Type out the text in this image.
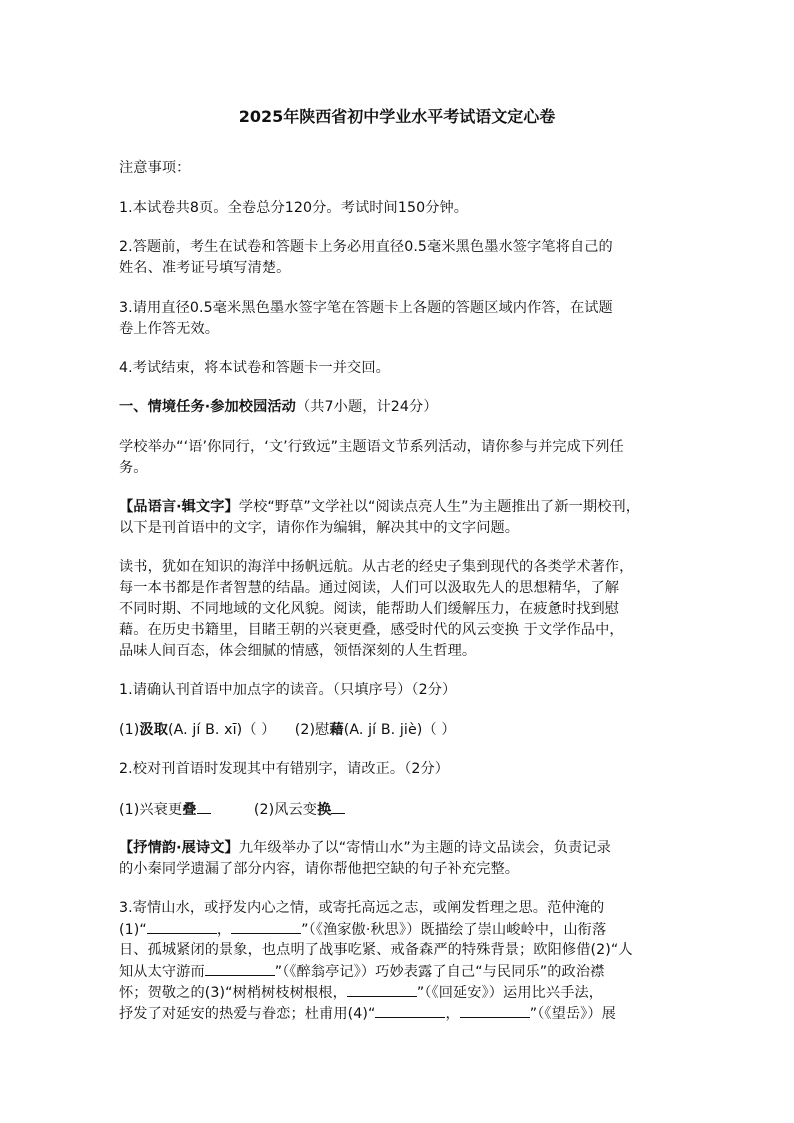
2025年陕西省初中学业水平考试语文定心卷
注意事项：
1.本试卷共8页。全卷总分120分。考试时间150分钟。
2.答题前，考生在试卷和答题卡上务必用直径0.5毫米黑色墨水签字笔将自己的
姓名、准考证号填写清楚。
3.请用直径0.5毫米黑色墨水签字笔在答题卡上各题的答题区域内作答，在试题
卷上作答无效。
4.考试结束，将本试卷和答题卡一并交回。
一、情境任务·参加校园活动（共7小题，计24分）
学校举办“‘语’你同行，‘文’行致远”主题语文节系列活动，请你参与并完成下列任
务。
【品语言·辑文字】学校“野草”文学社以“阅读点亮人生”为主题推出了新一期校刊，
以下是刊首语中的文字，请你作为编辑，解决其中的文字问题。
读书，犹如在知识的海洋中扬帆远航。从古老的经史子集到现代的各类学术著作，
每一本书都是作者智慧的结晶。通过阅读，人们可以汲取先人的思想精华，了解
不同时期、不同地域的文化风貌。阅读，能帮助人们缓解压力，在疲惫时找到慰
藉。在历史书籍里，目睹王朝的兴衰更叠，感受时代的风云变换 于文学作品中，
品味人间百态，体会细腻的情感，领悟深刻的人生哲理。
1.请确认刊首语中加点字的读音。（只填序号）（2分）
(1)汲取(A. jí B. xī)（ ） (2)慰藉(A. jí B. jiè)（ ）
2.校对刊首语时发现其中有错别字，请改正。（2分）
(1)兴衰更叠	(2)风云变换
【抒情韵·展诗文】九年级举办了以“寄情山水”为主题的诗文品读会，负责记录
的小秦同学遗漏了部分内容，请你帮他把空缺的句子补充完整。
3.寄情山水，或抒发内心之情，或寄托高远之志，或阐发哲理之思。范仲淹的
(1)“	，	”（《渔家傲·秋思》）既描绘了崇山峻岭中，山衔落
日、孤城紧闭的景象，也点明了战事吃紧、戒备森严的特殊背景；欧阳修借(2)“人
知从太守游而	”（《醉翁亭记》）巧妙表露了自己“与民同乐”的政治襟
怀；贺敬之的(3)“树梢树枝树根根，	”（《回延安》）运用比兴手法，
抒发了对延安的热爱与眷恋；杜甫用(4)“	，	”（《望岳》）展
